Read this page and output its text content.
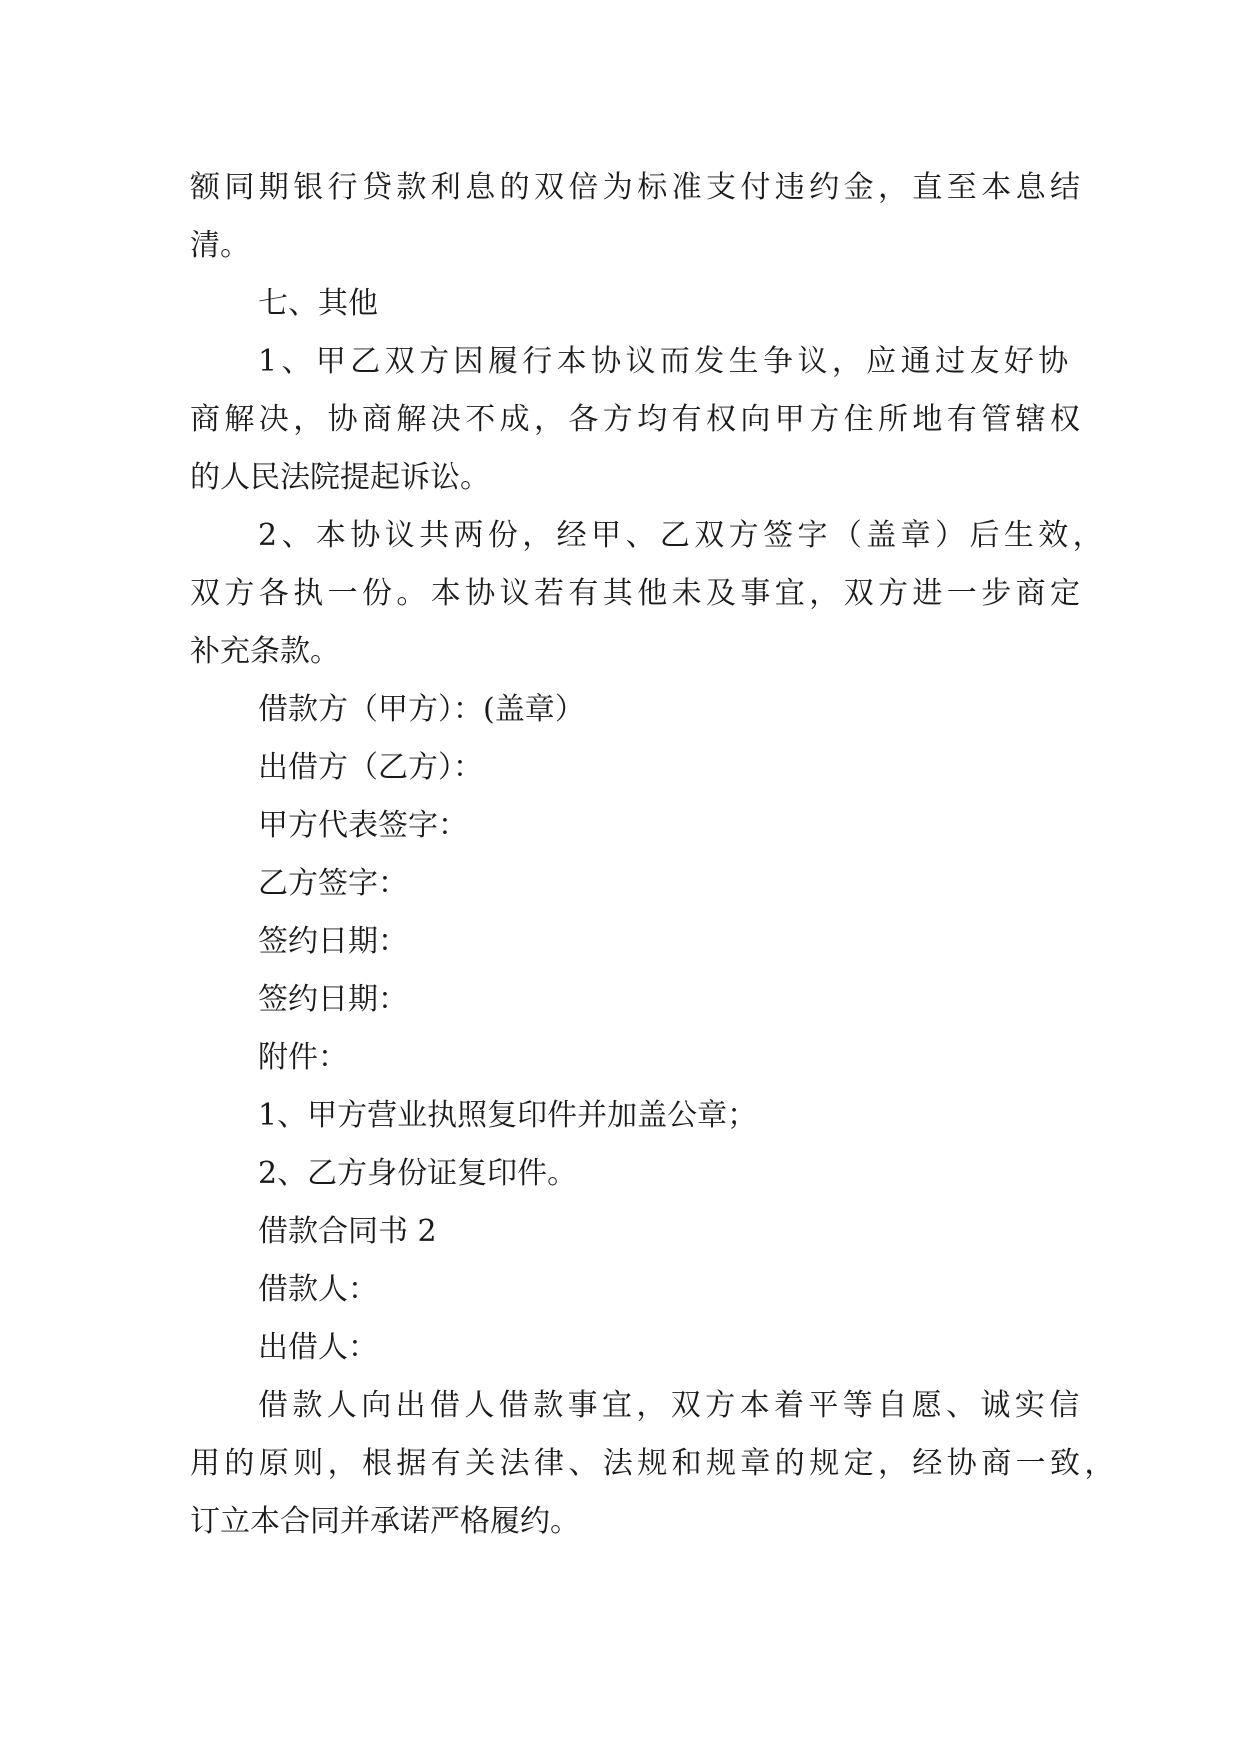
额同期银行贷款利息的双倍为标准支付违约金，直至本息结
清。
七、其他
1、甲乙双方因履行本协议而发生争议，应通过友好协
商解决，协商解决不成，各方均有权向甲方住所地有管辖权
的人民法院提起诉讼。
2、本协议共两份，经甲、乙双方签字（盖章）后生效，
双方各执一份。本协议若有其他未及事宜，双方进一步商定
补充条款。
借款方（甲方）：(盖章）
出借方（乙方）：
甲方代表签字：
乙方签字：
签约日期：
签约日期：
附件：
1、甲方营业执照复印件并加盖公章；
2、乙方身份证复印件。
借款合同书 2
借款人：
出借人：
借款人向出借人借款事宜，双方本着平等自愿、诚实信
用的原则，根据有关法律、法规和规章的规定，经协商一致，
订立本合同并承诺严格履约。
